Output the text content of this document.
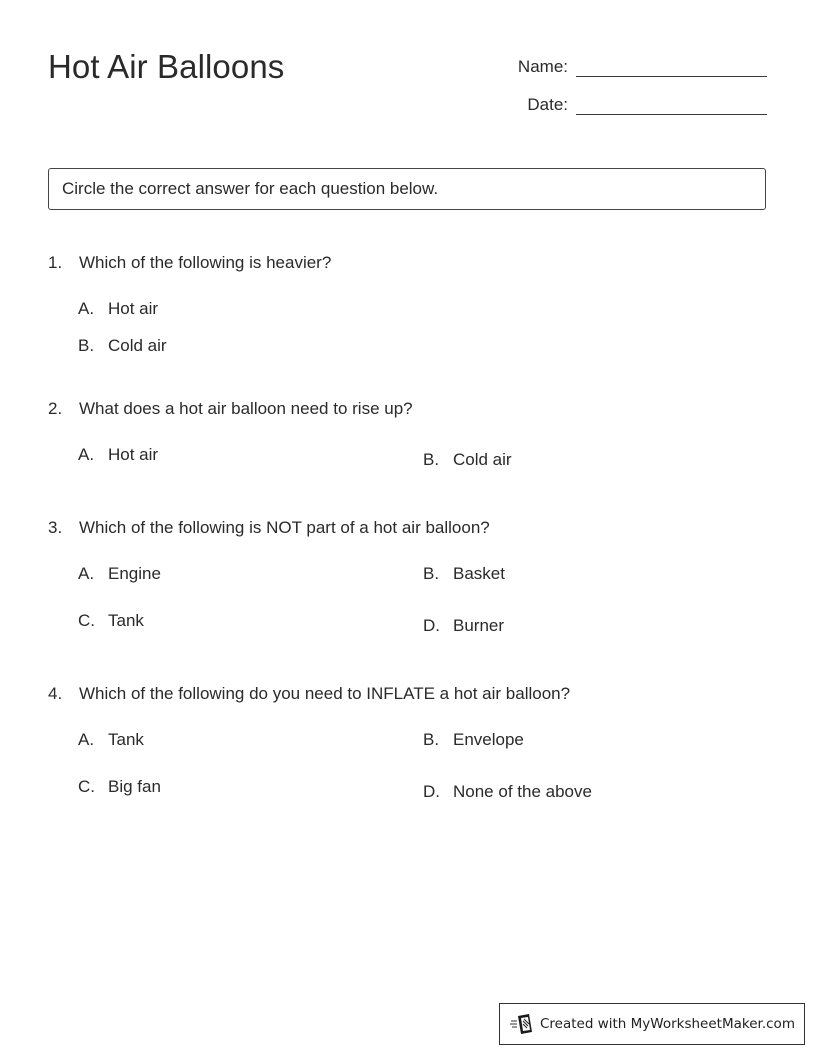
Hot Air Balloons	Name:
Date:
Circle the correct answer for each question below.
1. Which of the following is heavier?
A. Hot air
B. Cold air
2. What does a hot air balloon need to rise up?
A. Hot air	B. Cold air
3. Which of the following is NOT part of a hot air balloon?
A. Engine	B. Basket
C. Tank	D. Burner
4. Which of the following do you need to INFLATE a hot air balloon?
A. Tank	B. Envelope
C. Big fan	D. None of the above
Created with MyWorksheetMaker.com
